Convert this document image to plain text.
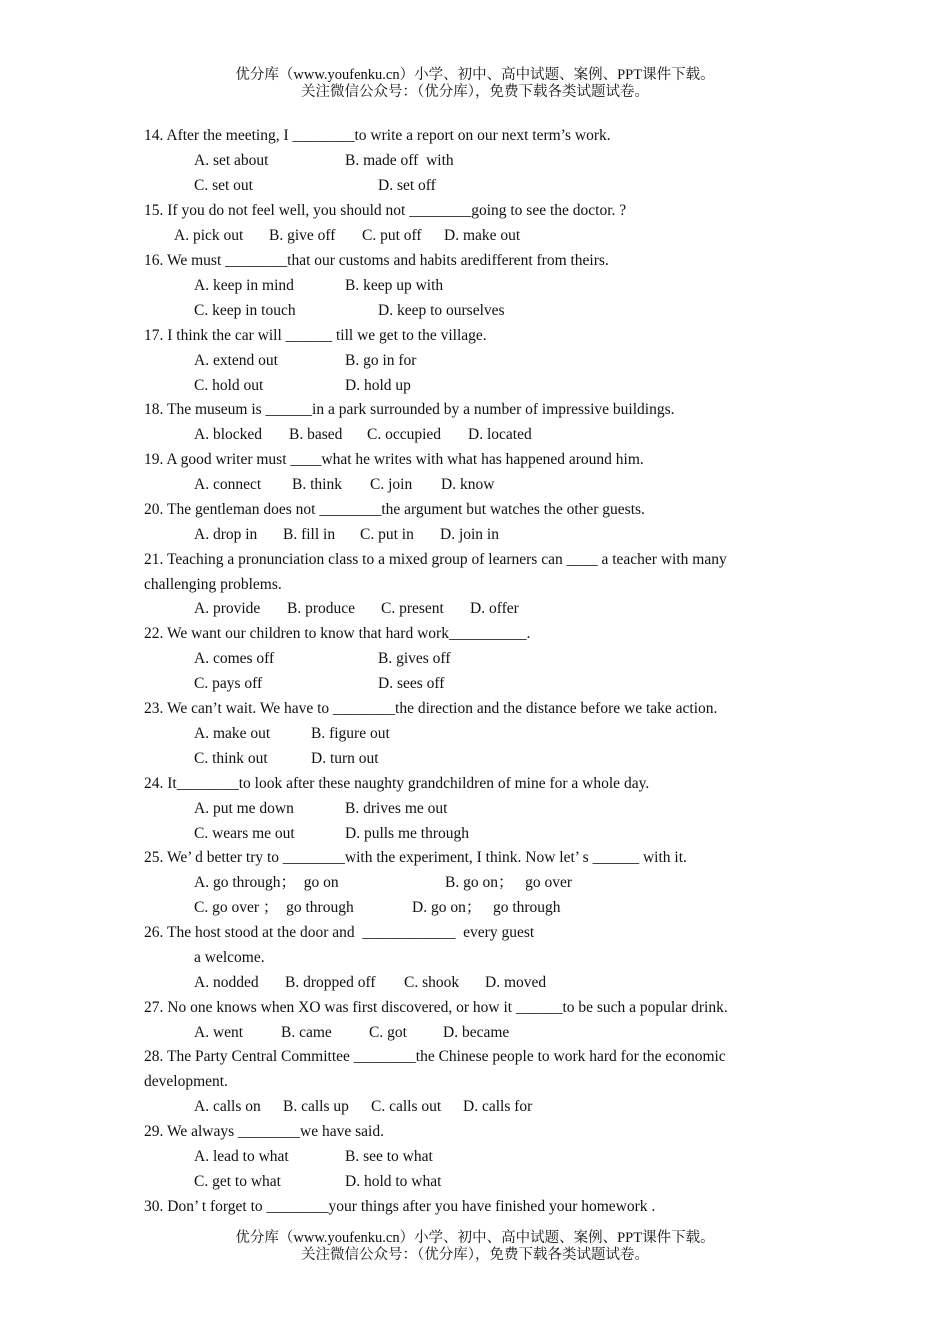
优分库（www.youfenku.cn）小学、初中、高中试题、案例、PPT课件下载。
关注微信公众号：（优分库），免费下载各类试题试卷。
14. After the meeting, I ________to write a report on our next term’s work.
A. set about	B. made off  with
C. set out	D. set off
15. If you do not feel well, you should not ________going to see the doctor. ?
A. pick out B. give off C. put off D. make out
16. We must ________that our customs and habits aredifferent from theirs.
A. keep in mind	B. keep up with
C. keep in touch	D. keep to ourselves
17. I think the car will ______ till we get to the village.
A. extend out	B. go in for
C. hold out	D. hold up
18. The museum is ______in a park surrounded by a number of impressive buildings.
A. blocked B. based C. occupied D. located
19. A good writer must ____what he writes with what has happened around him.
A. connect B. think C. join D. know
20. The gentleman does not ________the argument but watches the other guests.
A. drop in B. fill in C. put in D. join in
21. Teaching a pronunciation class to a mixed group of learners can ____ a teacher with many
challenging problems.
A. provide B. produce C. present D. offer
22. We want our children to know that hard work__________.
A. comes off	B. gives off
C. pays off	D. sees off
23. We can’t wait. We have to ________the direction and the distance before we take action.
A. make out	B. figure out
C. think out	D. turn out
24. It________to look after these naughty grandchildren of mine for a whole day.
A. put me down	B. drives me out
C. wears me out	D. pulls me through
25. We’ d better try to ________with the experiment, I think. Now let’ s ______ with it.
A. go through；  go on	B. go on；   go over
C. go over ；  go through	D. go on；   go through
26. The host stood at the door and  ____________  every guest
a welcome.
A. nodded B. dropped off C. shook D. moved
27. No one knows when XO was first discovered, or how it ______to be such a popular drink.
A. went B. came C. got D. became
28. The Party Central Committee ________the Chinese people to work hard for the economic
development.
A. calls on B. calls up C. calls out D. calls for
29. We always ________we have said.
A. lead to what	B. see to what
C. get to what	D. hold to what
30. Don’ t forget to ________your things after you have finished your homework .
优分库（www.youfenku.cn）小学、初中、高中试题、案例、PPT课件下载。
关注微信公众号：（优分库），免费下载各类试题试卷。
